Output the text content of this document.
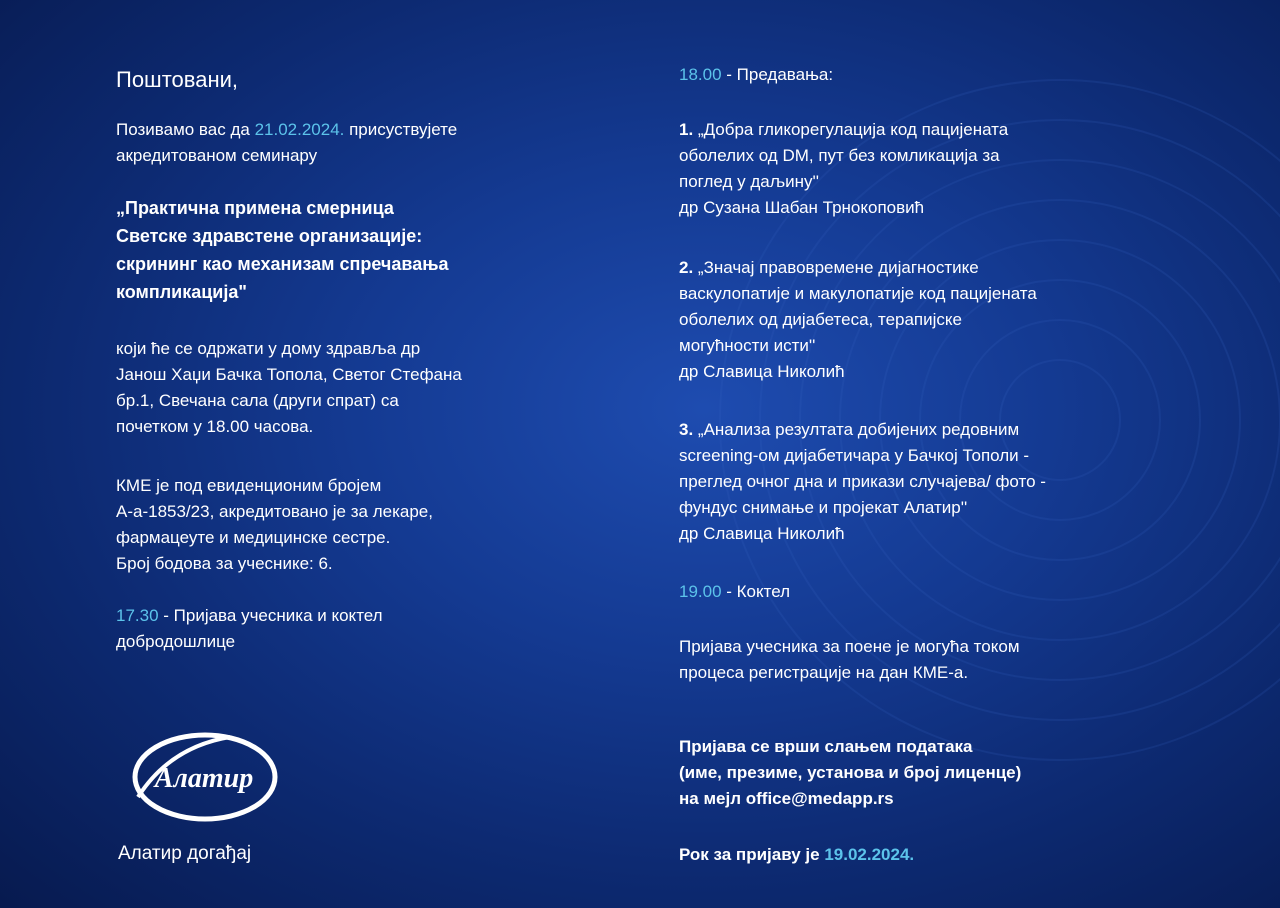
Поштовани,

Позивамо вас да 21.02.2024. присуствујете

акредитованом семинару

„Практична примена смерница

Светске здравстене организације:

скрининг као механизам спречавања

компликација"

који ће се одржати у дому здравља др

Јанош Хаџи Бачка Топола, Светог Стефана

бр.1, Свечана сала (други спрат) са

почетком у 18.00 часова.

КМЕ је под евиденционим бројем

А-а-1853/23, акредитовано је за лекаре,

фармацеуте и медицинске сестре.

Број бодова за учеснике: 6.

17.30 - Пријава учесника и коктел

добродошлице

Алатир
Алатир догађај

18.00 - Предавања:

1. „Добра гликорегулација код пацијената

оболелих од DM, пут без комликација за

поглед у даљину''

др Сузана Шабан Трнокоповић

2. „Значај правовремене дијагностике

васкулопатије и макулопатије код пацијената

оболелих од дијабетеса, терапијске

могућности исти''

др Славица Николић

3. „Анализа резултата добијених редовним

screening-ом дијабетичара у Бачкој Тополи -

преглед очног дна и прикази случајева/ фото -

фундус снимање и пројекат Алатир''

др Славица Николић

19.00 - Коктел

Пријава учесника за поене је могућа током

процеса регистрације на дан КМЕ-а.

Пријава се врши слањем података

(име, презиме, установа и број лиценце)

на мејл office@medapp.rs

Рок за пријаву је 19.02.2024.
